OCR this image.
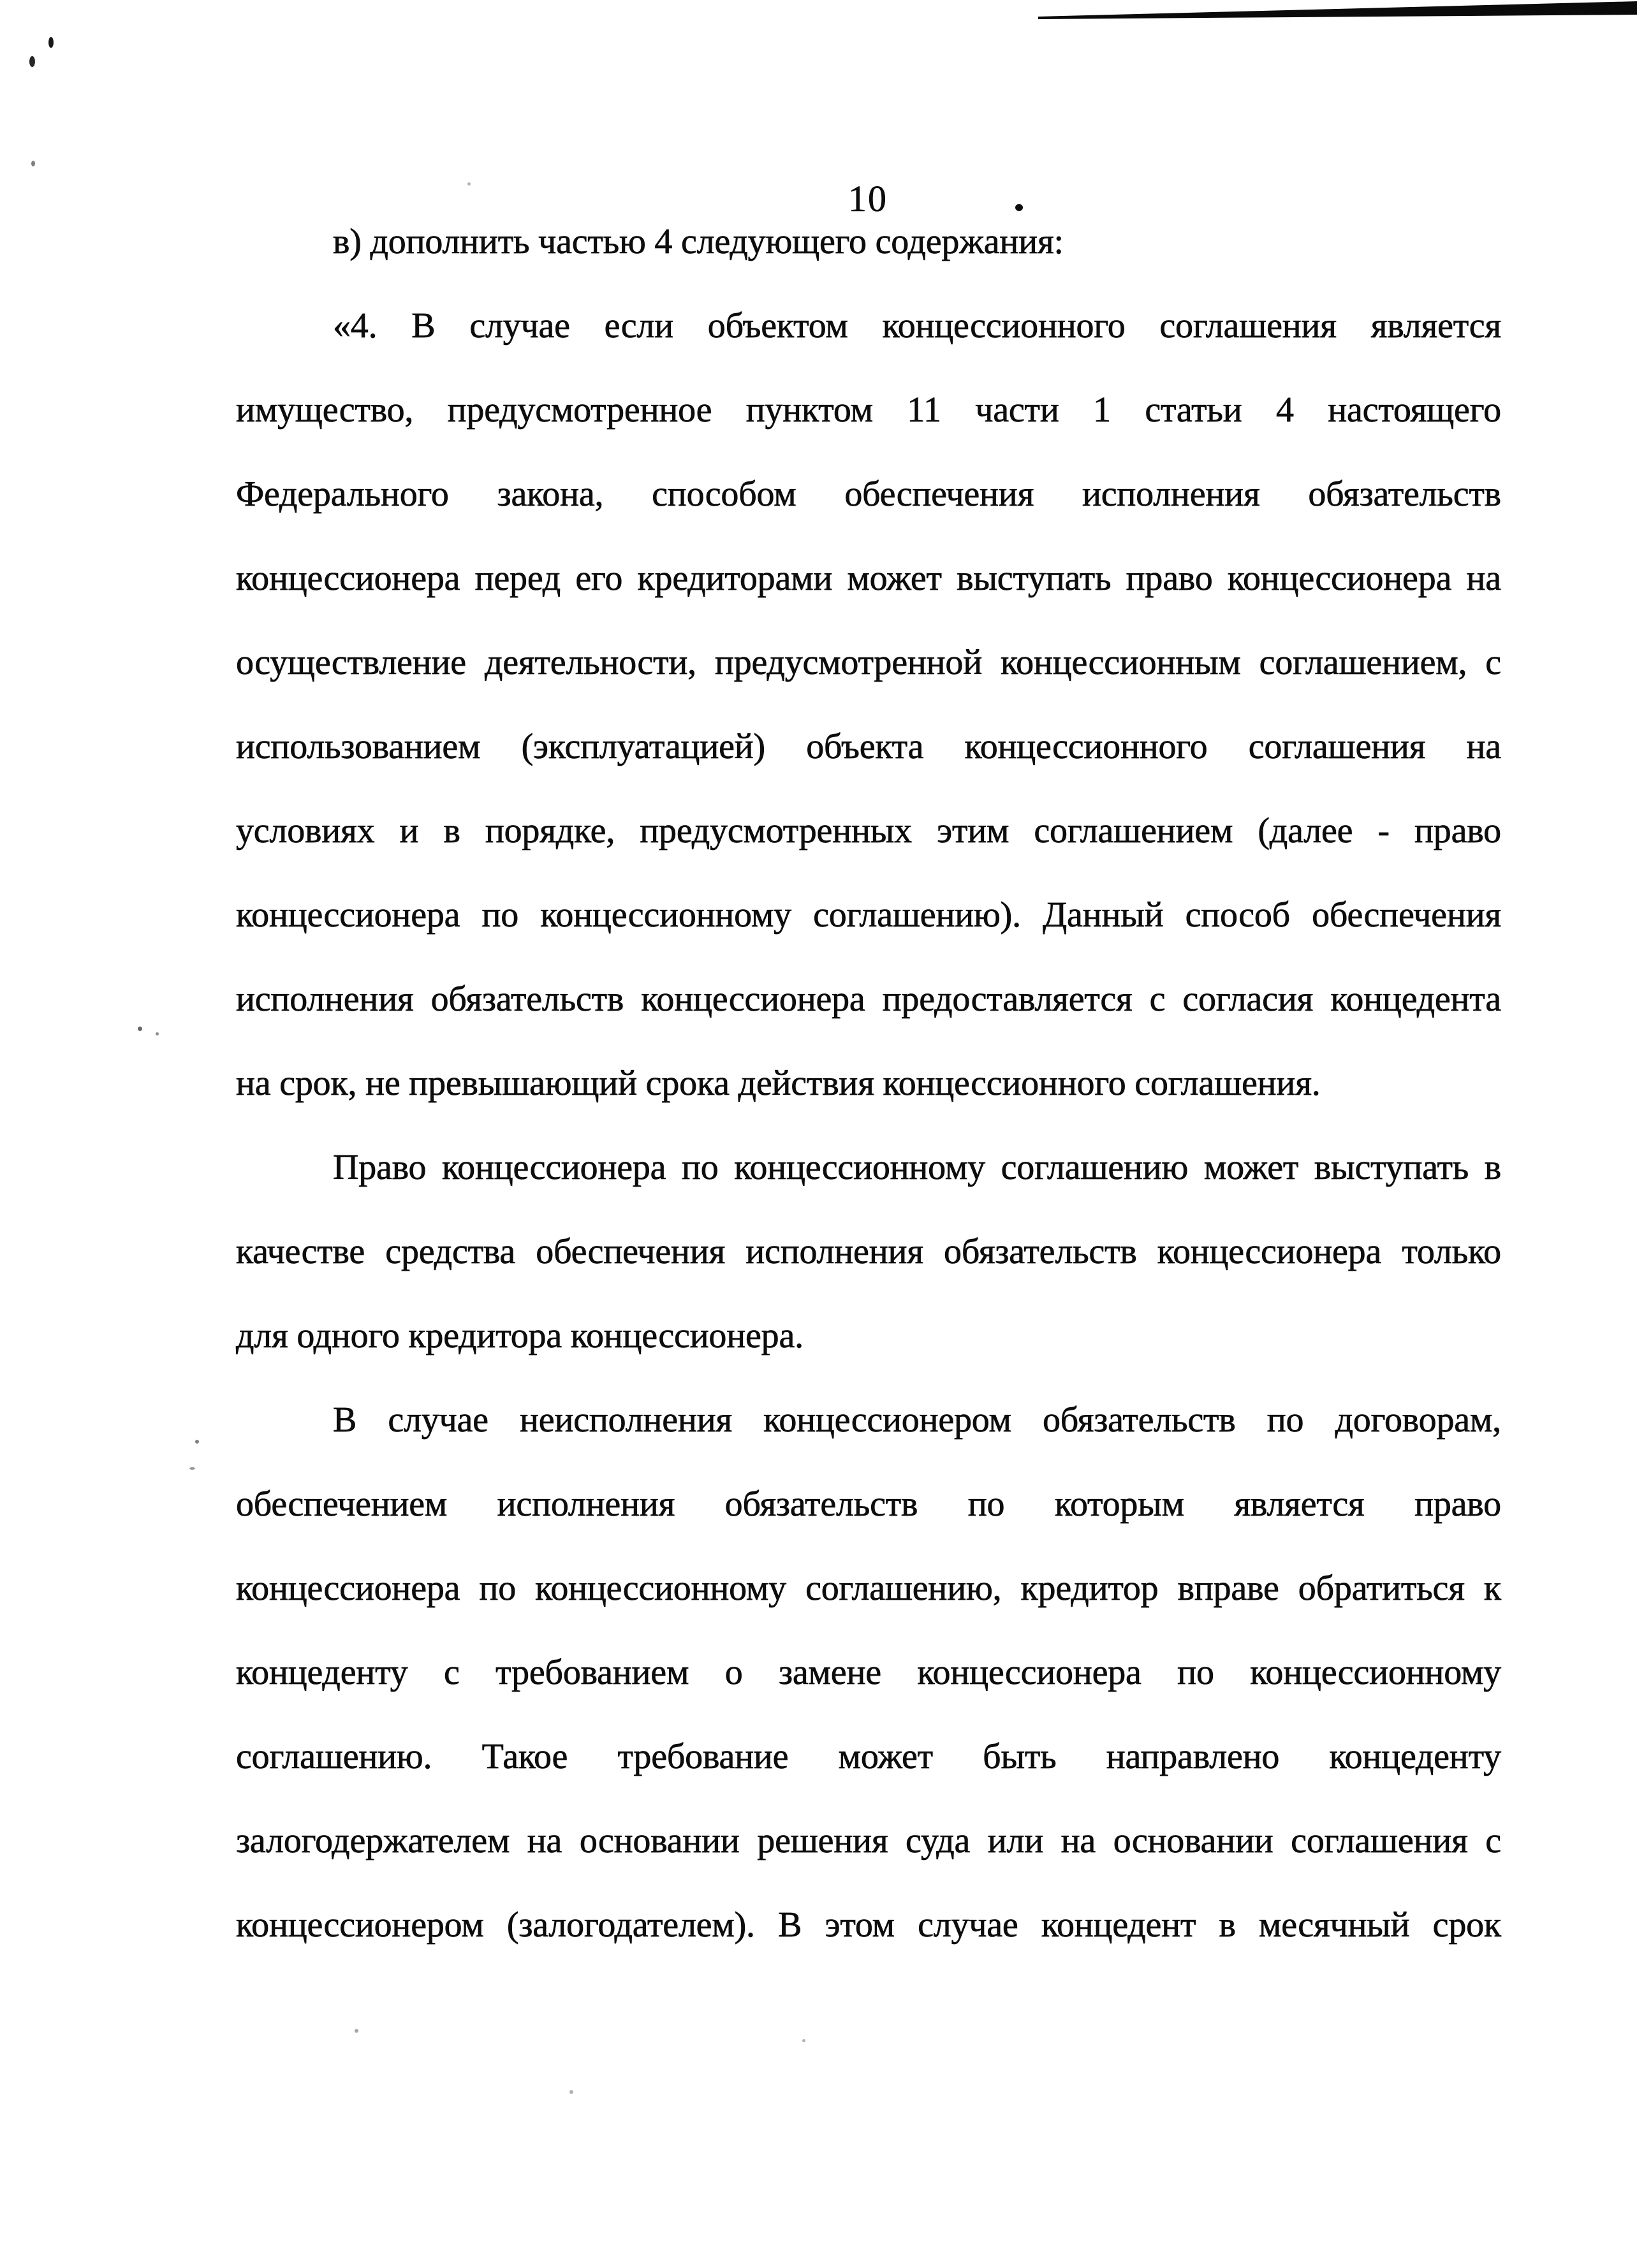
10
в) дополнить частью 4 следующего содержания:
«4. В случае если объектом концессионного соглашения является
имущество, предусмотренное пунктом 11 части 1 статьи 4 настоящего
Федерального закона, способом обеспечения исполнения обязательств
концессионера перед его кредиторами может выступать право концессионера на
осуществление деятельности, предусмотренной концессионным соглашением, с
использованием (эксплуатацией) объекта концессионного соглашения на
условиях и в порядке, предусмотренных этим соглашением (далее - право
концессионера по концессионному соглашению). Данный способ обеспечения
исполнения обязательств концессионера предоставляется с согласия концедента
на срок, не превышающий срока действия концессионного соглашения.
Право концессионера по концессионному соглашению может выступать в
качестве средства обеспечения исполнения обязательств концессионера только
для одного кредитора концессионера.
В случае неисполнения концессионером обязательств по договорам,
обеспечением исполнения обязательств по которым является право
концессионера по концессионному соглашению, кредитор вправе обратиться к
концеденту с требованием о замене концессионера по концессионному
соглашению. Такое требование может быть направлено концеденту
залогодержателем на основании решения суда или на основании соглашения с
концессионером (залогодателем). В этом случае концедент в месячный срок
